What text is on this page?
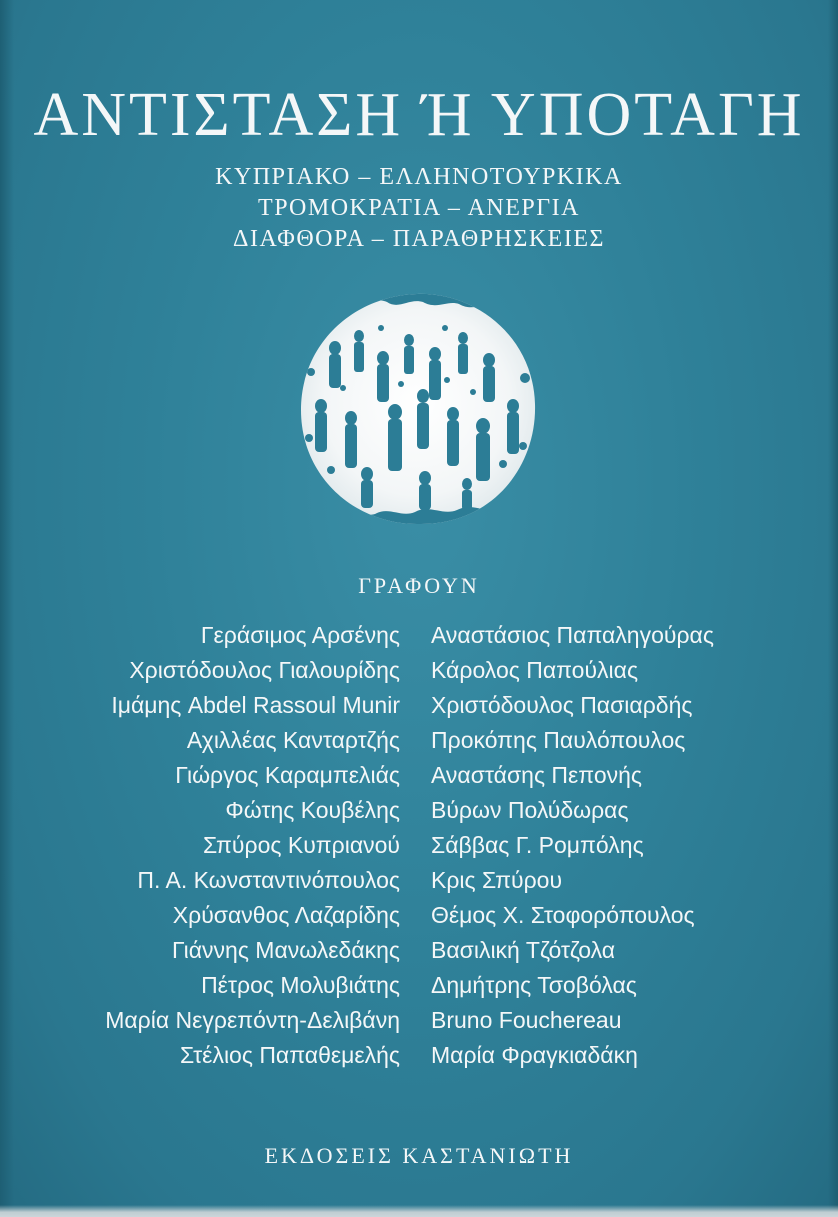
ΑΝΤΙΣΤΑΣΗ Ή ΥΠΟΤΑΓΗ
ΚΥΠΡΙΑΚΟ – ΕΛΛΗΝΟΤΟΥΡΚΙΚΑ
ΤΡΟΜΟΚΡΑΤΙΑ – ΑΝΕΡΓΙΑ
ΔΙΑΦΘΟΡΑ – ΠΑΡΑΘΡΗΣΚΕΙΕΣ
ΓΡΑΦΟΥΝ
Γεράσιμος Αρσένης Αναστάσιος Παπαληγούρας
Χριστόδουλος Γιαλουρίδης Κάρολος Παπούλιας
Ιμάμης Abdel Rassoul Munir Χριστόδουλος Πασιαρδής
Αχιλλέας Κανταρτζής Προκόπης Παυλόπουλος
Γιώργος Καραμπελιάς Αναστάσης Πεπονής
Φώτης Κουβέλης Βύρων Πολύδωρας
Σπύρος Κυπριανού Σάββας Γ. Ρομπόλης
Π. Α. Κωνσταντινόπουλος Κρις Σπύρου
Χρύσανθος Λαζαρίδης Θέμος Χ. Στοφορόπουλος
Γιάννης Μανωλεδάκης Βασιλική Τζότζολα
Πέτρος Μολυβιάτης Δημήτρης Τσοβόλας
Μαρία Νεγρεπόντη-Δελιβάνη Bruno Fouchereau
Στέλιος Παπαθεμελής Μαρία Φραγκιαδάκη
ΕΚΔΟΣΕΙΣ ΚΑΣΤΑΝΙΩΤΗ
